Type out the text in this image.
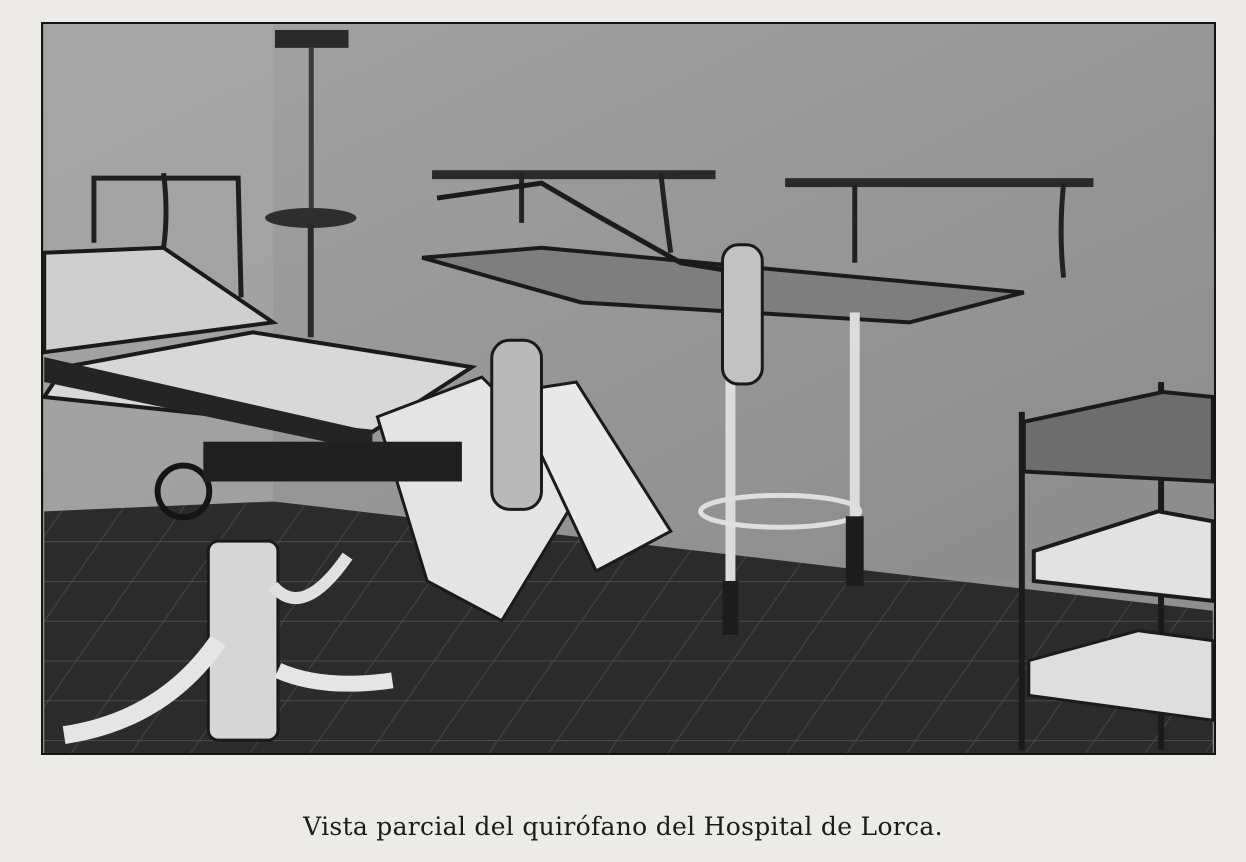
Vista parcial del quirófano del Hospital de Lorca.
